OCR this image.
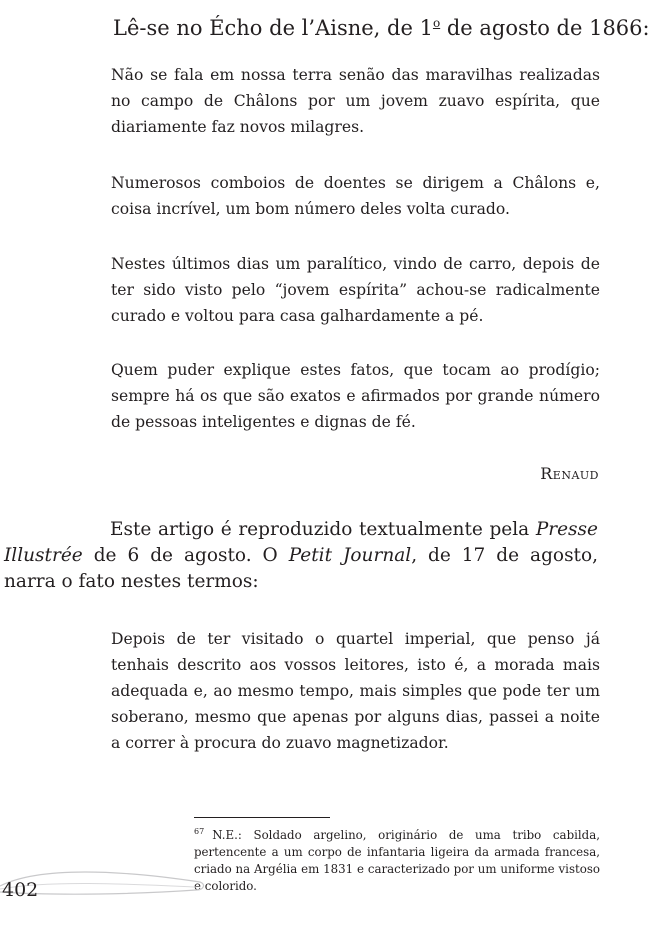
Lê-se no Écho de l’Aisne, de 1$^o$ de agosto de 1866:

Não se fala em nossa terra senão das maravilhas realizadas no campo de Châlons por um jovem zuavo espírita, que diariamente faz novos milagres.

Numerosos comboios de doentes se dirigem a Châlons e, coisa incrível, um bom número deles volta curado.

Nestes últimos dias um paralítico, vindo de carro, depois de ter sido visto pelo “jovem espírita” achou-se radicalmente curado e voltou para casa galhardamente a pé.

Quem puder explique estes fatos, que tocam ao prodígio; sempre há os que são exatos e afirmados por grande número de pessoas inteligentes e dignas de fé.

Renaud

Este artigo é reproduzido textualmente pela Presse Illustrée de 6 de agosto. O Petit Journal, de 17 de agosto, narra o fato nestes termos:

Depois de ter visitado o quartel imperial, que penso já tenhais descrito aos vossos leitores, isto é, a morada mais adequada e, ao mesmo tempo, mais simples que pode ter um soberano, mesmo que apenas por alguns dias, passei a noite a correr à procura do zuavo magnetizador.

$^{67}$ N.E.: Soldado argelino, originário de uma tribo cabilda, pertencente a um corpo de infantaria ligeira da armada francesa, criado na Argélia em 1831 e caracterizado por um uniforme vistoso e colorido.

402
